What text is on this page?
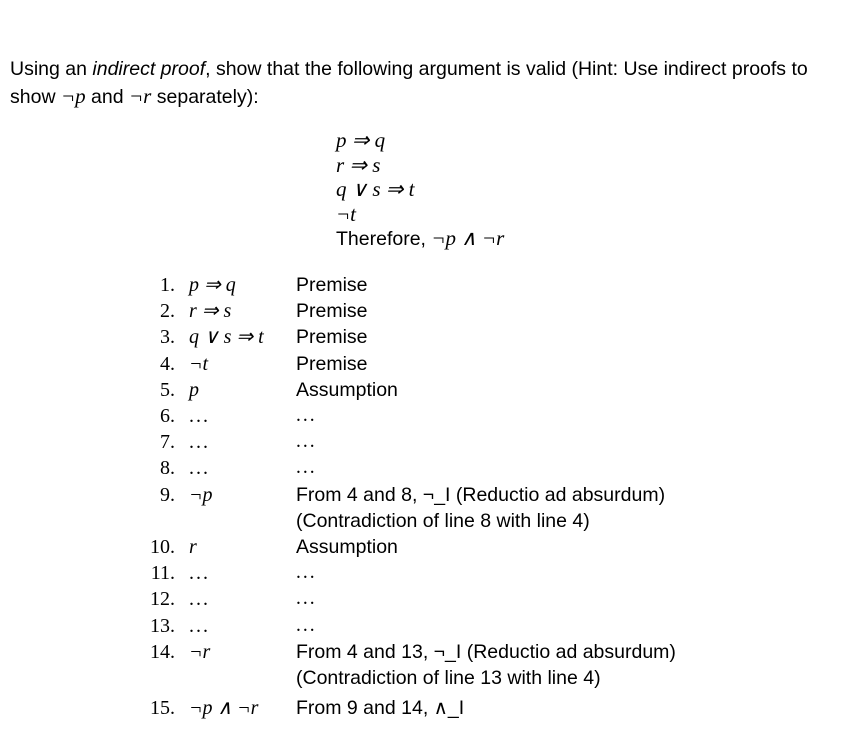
Using an indirect proof, show that the following argument is valid (Hint: Use indirect proofs to show ¬p and ¬r separately):
p ⇒ q
r ⇒ s
q ∨ s ⇒ t
¬t
Therefore, ¬p ∧ ¬r
1. p ⇒ q	Premise
2. r ⇒ s	Premise
3. q ∨ s ⇒ t Premise
4. ¬t	Premise
5. p	Assumption
6. ...	...
7. ...	...
8. ...	...
9. ¬p	From 4 and 8, ¬_I (Reductio ad absurdum)
(Contradiction of line 8 with line 4)
10. r	Assumption
11. ...	...
12. ...	...
13. ...	...
14. ¬r	From 4 and 13, ¬_I (Reductio ad absurdum)
(Contradiction of line 13 with line 4)
15. ¬p ∧ ¬r From 9 and 14, ∧_I
